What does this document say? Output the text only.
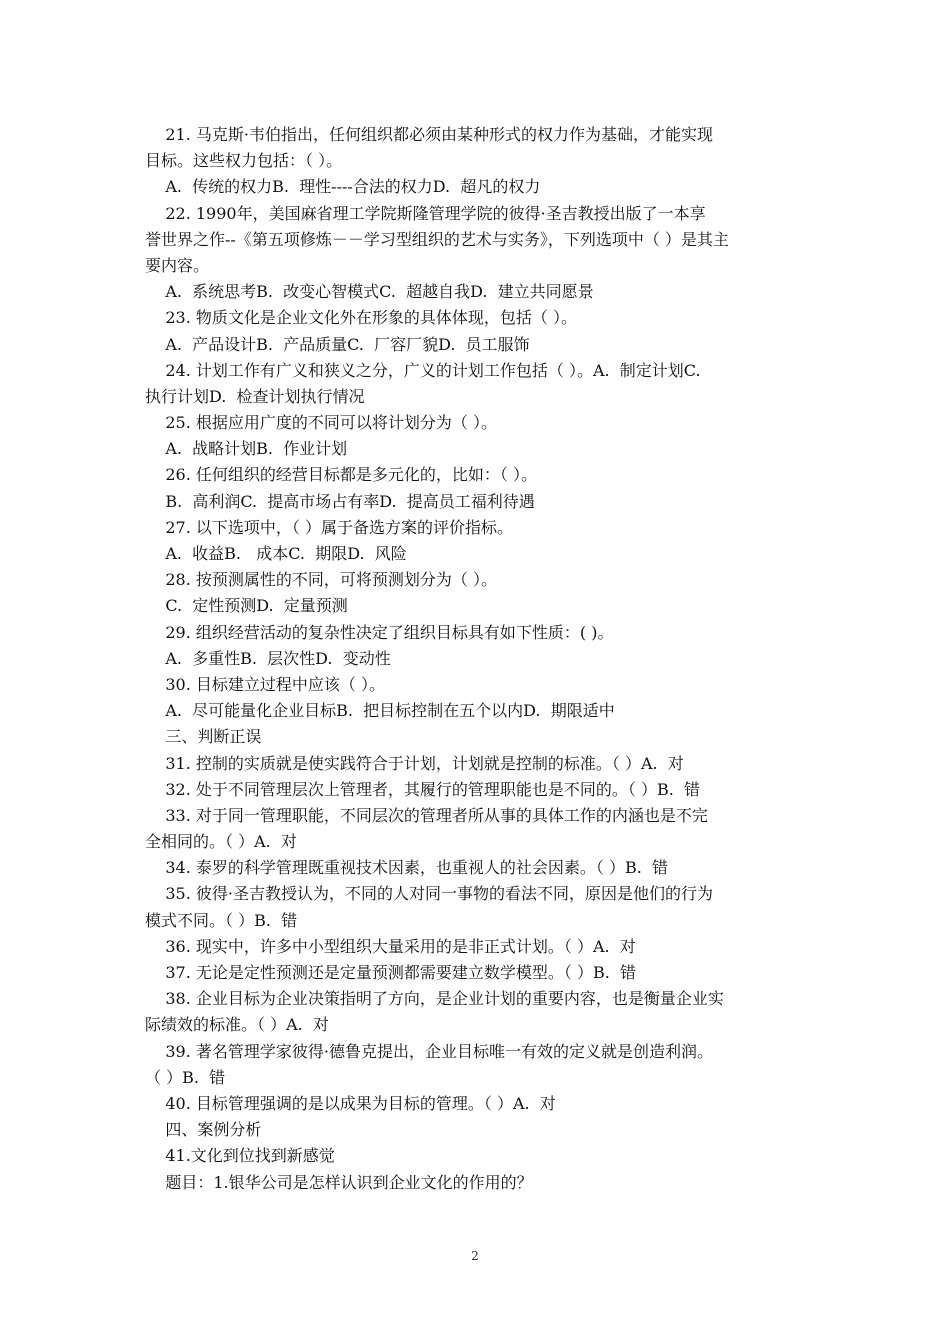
21. 马克斯·韦伯指出，任何组织都必须由某种形式的权力作为基础，才能实现
目标。这些权力包括：（ ）。
A.  传统的权力B.  理性----合法的权力D.  超凡的权力
22. 1990年，美国麻省理工学院斯隆管理学院的彼得·圣吉教授出版了一本享
誉世界之作--《第五项修炼－－学习型组织的艺术与实务》，下列选项中（ ）是其主
要内容。
A.  系统思考B.  改变心智模式C.  超越自我D.  建立共同愿景
23. 物质文化是企业文化外在形象的具体体现，包括（ ）。
A.  产品设计B.  产品质量C.  厂容厂貌D.  员工服饰
24. 计划工作有广义和狭义之分，广义的计划工作包括（ ）。A.  制定计划C.
执行计划D.  检查计划执行情况
25. 根据应用广度的不同可以将计划分为（ ）。
A.  战略计划B.  作业计划
26. 任何组织的经营目标都是多元化的，比如：（ ）。
B.  高利润C.  提高市场占有率D.  提高员工福利待遇
27. 以下选项中，（ ）属于备选方案的评价指标。
A.  收益B.   成本C.  期限D.  风险
28. 按预测属性的不同，可将预测划分为（ ）。
C.  定性预测D.  定量预测
29. 组织经营活动的复杂性决定了组织目标具有如下性质：( )。
A.  多重性B.  层次性D.  变动性
30. 目标建立过程中应该（ ）。
A.  尽可能量化企业目标B.  把目标控制在五个以内D.  期限适中
三、判断正误
31. 控制的实质就是使实践符合于计划，计划就是控制的标准。（ ）A.  对
32. 处于不同管理层次上管理者，其履行的管理职能也是不同的。（ ）B.  错
33. 对于同一管理职能，不同层次的管理者所从事的具体工作的内涵也是不完
全相同的。（ ）A.  对
34. 泰罗的科学管理既重视技术因素，也重视人的社会因素。（ ）B.  错
35. 彼得·圣吉教授认为，不同的人对同一事物的看法不同，原因是他们的行为
模式不同。（ ）B.  错
36. 现实中，许多中小型组织大量采用的是非正式计划。（ ）A.  对
37. 无论是定性预测还是定量预测都需要建立数学模型。（ ）B.  错
38. 企业目标为企业决策指明了方向，是企业计划的重要内容，也是衡量企业实
际绩效的标准。（ ）A.  对
39. 著名管理学家彼得·德鲁克提出，企业目标唯一有效的定义就是创造利润。
（ ）B.  错
40. 目标管理强调的是以成果为目标的管理。（ ）A.  对
四、案例分析
41.文化到位找到新感觉
题目：1.银华公司是怎样认识到企业文化的作用的？
2
